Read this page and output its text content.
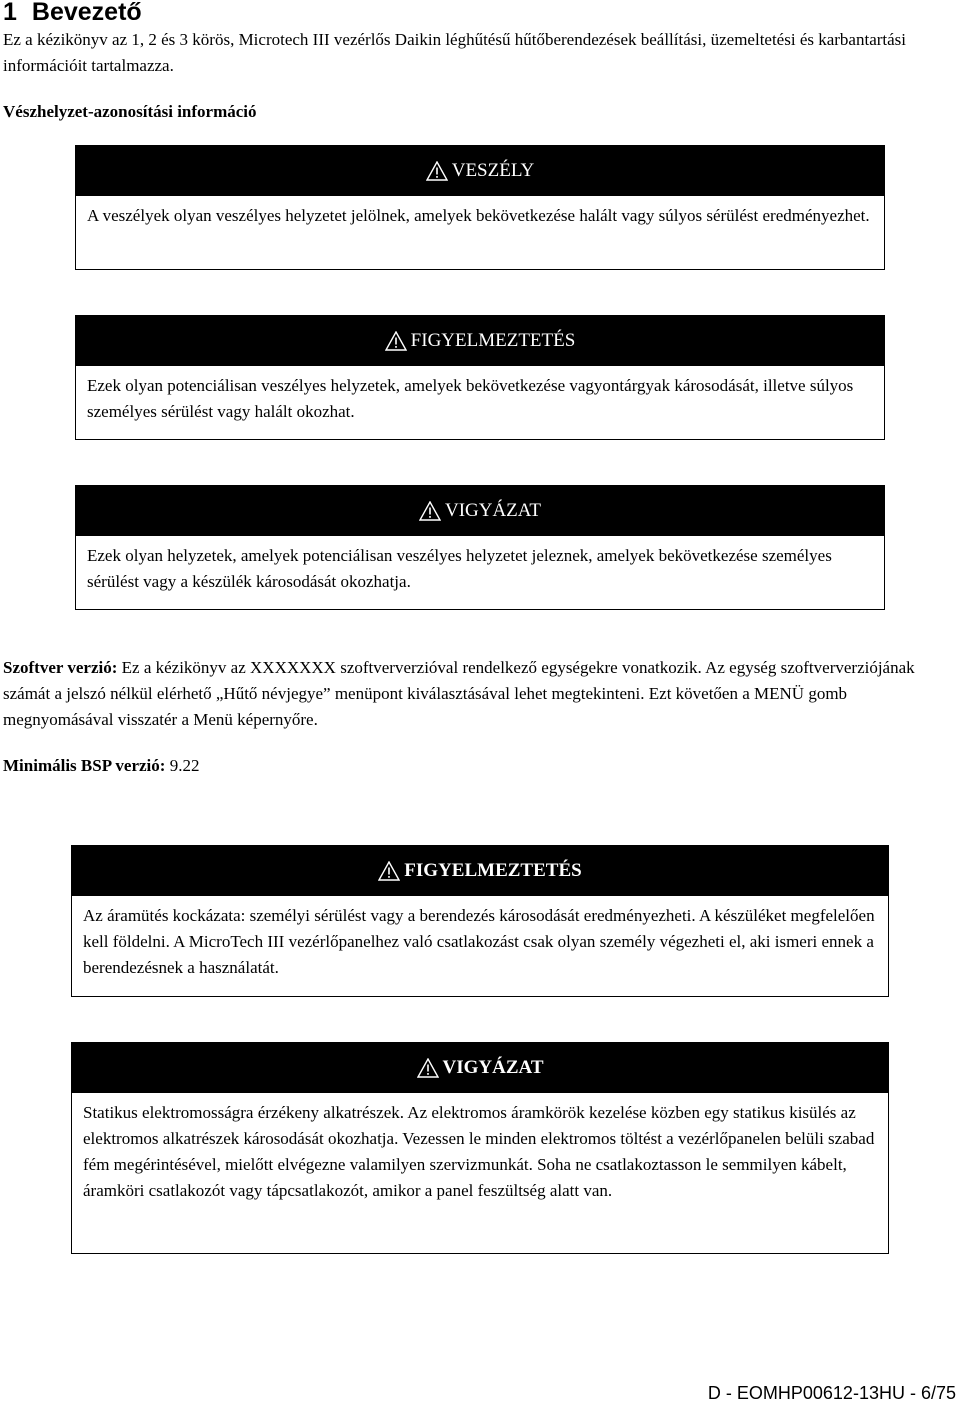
1 Bevezető

Ez a kézikönyv az 1, 2 és 3 körös, Microtech III vezérlős Daikin léghűtésű hűtőberendezések beállítási, üzemeltetési és karbantartási információit tartalmazza.

Vészhelyzet-azonosítási információ

VESZÉLY
A veszélyek olyan veszélyes helyzetet jelölnek, amelyek bekövetkezése halált vagy súlyos sérülést eredményezhet.
FIGYELMEZTETÉS
Ezek olyan potenciálisan veszélyes helyzetek, amelyek bekövetkezése vagyontárgyak károsodását, illetve súlyos személyes sérülést vagy halált okozhat.
VIGYÁZAT
Ezek olyan helyzetek, amelyek potenciálisan veszélyes helyzetet jeleznek, amelyek bekövetkezése személyes sérülést vagy a készülék károsodását okozhatja.

Szoftver verzió: Ez a kézikönyv az XXXXXXX szoftververzióval rendelkező egységekre vonatkozik. Az egység szoftververziójának számát a jelszó nélkül elérhető „Hűtő névjegye” menüpont kiválasztásával lehet megtekinteni. Ezt követően a MENÜ gomb megnyomásával visszatér a Menü képernyőre.

Minimális BSP verzió: 9.22

FIGYELMEZTETÉS
Az áramütés kockázata: személyi sérülést vagy a berendezés károsodását eredményezheti. A készüléket megfelelően kell földelni. A MicroTech III vezérlőpanelhez való csatlakozást csak olyan személy végezheti el, aki ismeri ennek a berendezésnek a használatát.
VIGYÁZAT
Statikus elektromosságra érzékeny alkatrészek. Az elektromos áramkörök kezelése közben egy statikus kisülés az elektromos alkatrészek károsodását okozhatja. Vezessen le minden elektromos töltést a vezérlőpanelen belüli szabad fém megérintésével, mielőtt elvégezne valamilyen szervizmunkát. Soha ne csatlakoztasson le semmilyen kábelt, áramköri csatlakozót vagy tápcsatlakozót, amikor a panel feszültség alatt van.
D - EOMHP00612-13HU - 6/75
